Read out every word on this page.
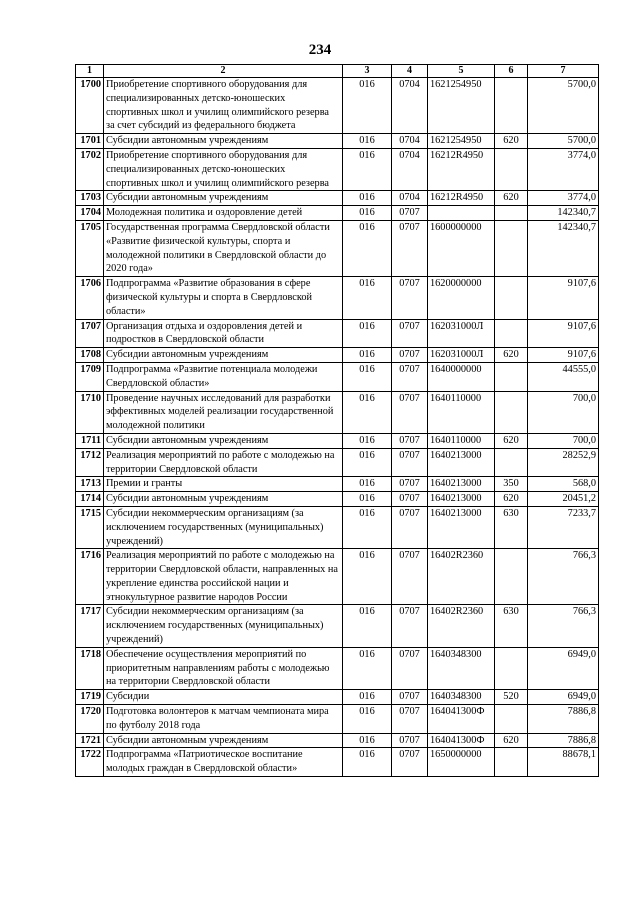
234
1	2	3	4	5	6	7
1700	Приобретение спортивного оборудования для специализированных детско-юношеских спортивных школ и училищ олимпийского резерва за счет субсидий из федерального бюджета	016	0704	1621254950		5700,0
1701	Субсидии автономным учреждениям	016	0704	1621254950	620	5700,0
1702	Приобретение спортивного оборудования для специализированных детско-юношеских спортивных школ и училищ олимпийского резерва	016	0704	16212R4950		3774,0
1703	Субсидии автономным учреждениям	016	0704	16212R4950	620	3774,0
1704	Молодежная политика и оздоровление детей	016	0707			142340,7
1705	Государственная программа Свердловской области «Развитие физической культуры, спорта и молодежной политики в Свердловской области до 2020 года»	016	0707	1600000000		142340,7
1706	Подпрограмма «Развитие образования в сфере физической культуры и спорта в Свердловской области»	016	0707	1620000000		9107,6
1707	Организация отдыха и оздоровления детей и подростков в Свердловской области	016	0707	162031000Л		9107,6
1708	Субсидии автономным учреждениям	016	0707	162031000Л	620	9107,6
1709	Подпрограмма «Развитие потенциала молодежи Свердловской области»	016	0707	1640000000		44555,0
1710	Проведение научных исследований для разработки эффективных моделей реализации государственной молодежной политики	016	0707	1640110000		700,0
1711	Субсидии автономным учреждениям	016	0707	1640110000	620	700,0
1712	Реализация мероприятий по работе с молодежью на территории Свердловской области	016	0707	1640213000		28252,9
1713	Премии и гранты	016	0707	1640213000	350	568,0
1714	Субсидии автономным учреждениям	016	0707	1640213000	620	20451,2
1715	Субсидии некоммерческим организациям (за исключением государственных (муниципальных) учреждений)	016	0707	1640213000	630	7233,7
1716	Реализация мероприятий по работе с молодежью на территории Свердловской области, направленных на укрепление единства российской нации и этнокультурное развитие народов России	016	0707	16402R2360		766,3
1717	Субсидии некоммерческим организациям (за исключением государственных (муниципальных) учреждений)	016	0707	16402R2360	630	766,3
1718	Обеспечение осуществления мероприятий по приоритетным направлениям работы с молодежью на территории Свердловской области	016	0707	1640348300		6949,0
1719	Субсидии	016	0707	1640348300	520	6949,0
1720	Подготовка волонтеров к матчам чемпионата мира по футболу 2018 года	016	0707	164041300Ф		7886,8
1721	Субсидии автономным учреждениям	016	0707	164041300Ф	620	7886,8
1722	Подпрограмма «Патриотическое воспитание молодых граждан в Свердловской области»	016	0707	1650000000		88678,1
